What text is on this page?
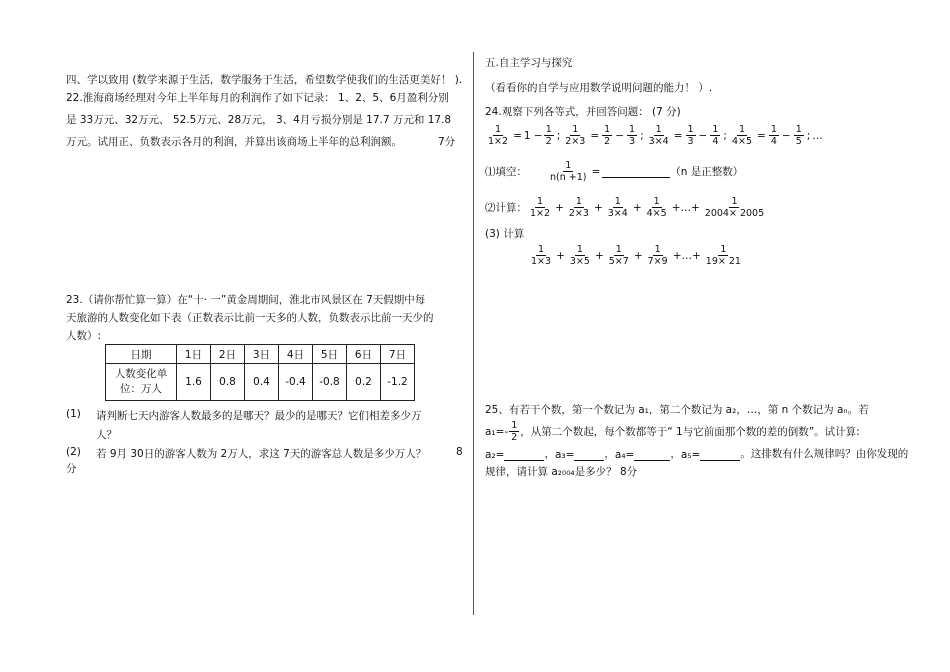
四、学以致用 (数学来源于生活，数学服务于生活，希望数学使我们的生活更美好！ ).
22.淮海商场经理对今年上半年每月的利润作了如下记录： 1、2、5、6月盈利分别
是 33万元、32万元、 52.5万元、28万元， 3、4月亏损分别是 17.7 万元和 17.8
万元。试用正、负数表示各月的利润，并算出该商场上半年的总利润额。	7分
23.（请你帮忙算一算）在“十· 一”黄金周期间，淮北市风景区在 7天假期中每
天旅游的人数变化如下表（正数表示比前一天多的人数，负数表示比前一天少的
人数）:
日期	1日	2日	3日	4日	5日	6日	7日

人数变化单
位：万人	1.6	0.8	0.4	-0.4	-0.8	0.2	-1.2
(1) 请判断七天内游客人数最多的是哪天？最少的是哪天？它们相差多少万
人？
(2) 若 9月 30日的游客人数为 2万人，求这 7天的游客总人数是多少万人？	8
分
五.自主学习与探究
（看看你的自学与应用数学说明问题的能力！ ）.
24.观察下列各等式，并回答问题： (7 分)
$\frac{1}{1\times 2} = 1 - \frac{1}{2}$ ; $\frac{1}{2\times 3} = \frac{1}{2} - \frac{1}{3}$ ; $\frac{1}{3\times 4} = \frac{1}{3} - \frac{1}{4}$ ; $\frac{1}{4\times 5} = \frac{1}{4} - \frac{1}{5}$ ; …
⑴填空： $\frac{1}{n(n +1)}$ =	（n 是正整数）
⑵计算： $\frac{1}{1\times 2} + \frac{1}{2\times 3} + \frac{1}{3\times 4} + \frac{1}{4\times 5}$ +…+ $\frac{1}{2004\times 2005}$
(3) 计算
$\frac{1}{1\times 3} + \frac{1}{3\times 5} + \frac{1}{5\times 7} + \frac{1}{7\times 9}$ +…+ $\frac{1}{19\times 21}$
25、有若干个数，第一个数记为 a₁，第二个数记为 a₂，…，第 n 个数记为 aₙ。若
$a_1=- \frac{1}{2}$ ，从第二个数起，每个数都等于“ 1与它前面那个数的差的倒数”。试计算:
a₂=	， a₃=	， a₄=	， a₅=	。这排数有什么规律吗？由你发现的
规律，请计算 a₂₀₀₄是多少？ 8分
